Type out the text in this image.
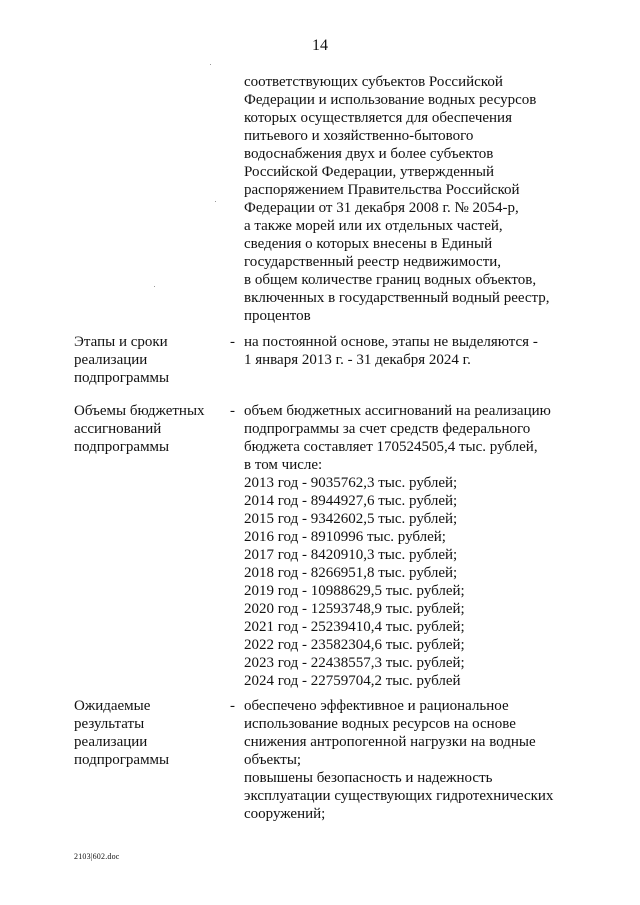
14
соответствующих субъектов Российской
Федерации и использование водных ресурсов
которых осуществляется для обеспечения
питьевого и хозяйственно-бытового
водоснабжения двух и более субъектов
Российской Федерации, утвержденный
распоряжением Правительства Российской
Федерации от 31 декабря 2008 г. № 2054-р,
а также морей или их отдельных частей,
сведения о которых внесены в Единый
государственный реестр недвижимости,
в общем количестве границ водных объектов,
включенных в государственный водный реестр,
процентов
Этапы и сроки
реализации
подпрограммы
- на постоянной основе, этапы не выделяются -
1 января 2013 г. - 31 декабря 2024 г.
Объемы бюджетных
ассигнований
подпрограммы
- объем бюджетных ассигнований на реализацию
подпрограммы за счет средств федерального
бюджета составляет 170524505,4 тыс. рублей,
в том числе:
2013 год - 9035762,3 тыс. рублей;
2014 год - 8944927,6 тыс. рублей;
2015 год - 9342602,5 тыс. рублей;
2016 год - 8910996 тыс. рублей;
2017 год - 8420910,3 тыс. рублей;
2018 год - 8266951,8 тыс. рублей;
2019 год - 10988629,5 тыс. рублей;
2020 год - 12593748,9 тыс. рублей;
2021 год - 25239410,4 тыс. рублей;
2022 год - 23582304,6 тыс. рублей;
2023 год - 22438557,3 тыс. рублей;
2024 год - 22759704,2 тыс. рублей
Ожидаемые
результаты
реализации
подпрограммы
- обеспечено эффективное и рациональное
использование водных ресурсов на основе
снижения антропогенной нагрузки на водные
объекты;
повышены безопасность и надежность
эксплуатации существующих гидротехнических
сооружений;
2103|602.doc
